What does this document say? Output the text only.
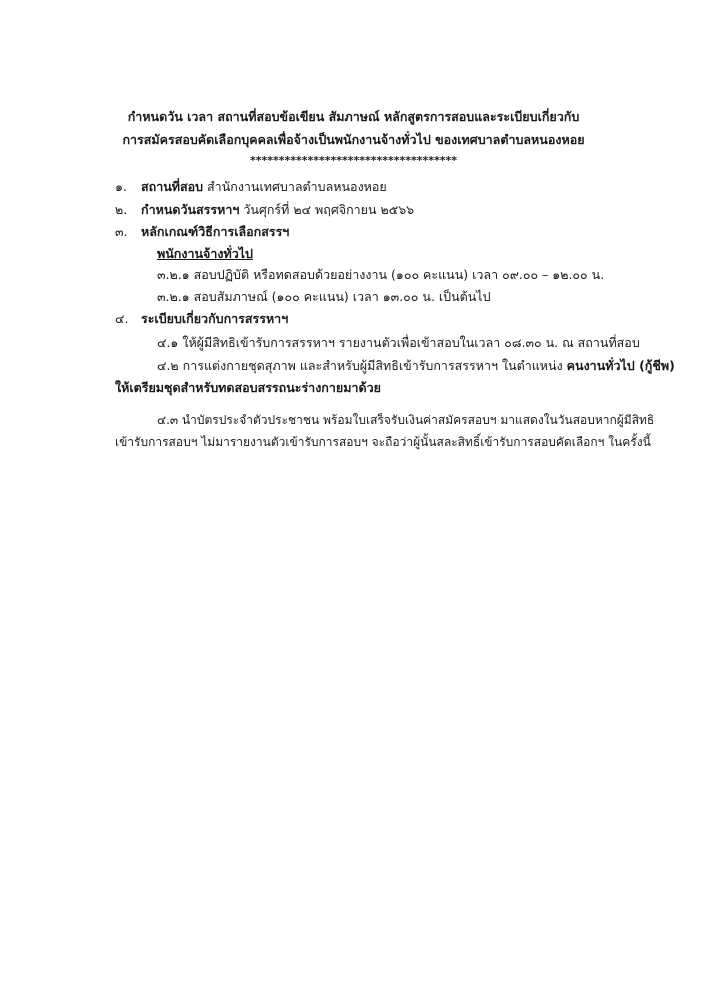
กำหนดวัน เวลา สถานที่สอบข้อเขียน สัมภาษณ์ หลักสูตรการสอบและระเบียบเกี่ยวกับ
การสมัครสอบคัดเลือกบุคคลเพื่อจ้างเป็นพนักงานจ้างทั่วไป ของเทศบาลตำบลหนองหอย
************************************
๑. สถานที่สอบ สำนักงานเทศบาลตำบลหนองหอย
๒. กำหนดวันสรรหาฯ วันศุกร์ที่ ๒๔ พฤศจิกายน ๒๕๖๖
๓. หลักเกณฑ์วิธีการเลือกสรรฯ
พนักงานจ้างทั่วไป
๓.๒.๑ สอบปฏิบัติ หรือทดสอบด้วยอย่างงาน (๑๐๐ คะแนน) เวลา ๐๙.๐๐ – ๑๒.๐๐ น.
๓.๒.๑ สอบสัมภาษณ์ (๑๐๐ คะแนน) เวลา ๑๓.๐๐ น. เป็นต้นไป
๔. ระเบียบเกี่ยวกับการสรรหาฯ
๔.๑ ให้ผู้มีสิทธิเข้ารับการสรรหาฯ รายงานตัวเพื่อเข้าสอบในเวลา ๐๘.๓๐ น. ณ สถานที่สอบ
๔.๒ การแต่งกายชุดสุภาพ และสำหรับผู้มีสิทธิเข้ารับการสรรหาฯ ในตำแหน่ง คนงานทั่วไป (กู้ชีพ)
ให้เตรียมชุดสำหรับทดสอบสรรถนะร่างกายมาด้วย
๔.๓ นำบัตรประจำตัวประชาชน พร้อมใบเสร็จรับเงินค่าสมัครสอบฯ มาแสดงในวันสอบหากผู้มีสิทธิ
เข้ารับการสอบฯ ไม่มารายงานตัวเข้ารับการสอบฯ จะถือว่าผู้นั้นสละสิทธิ์เข้ารับการสอบคัดเลือกฯ ในครั้งนี้
